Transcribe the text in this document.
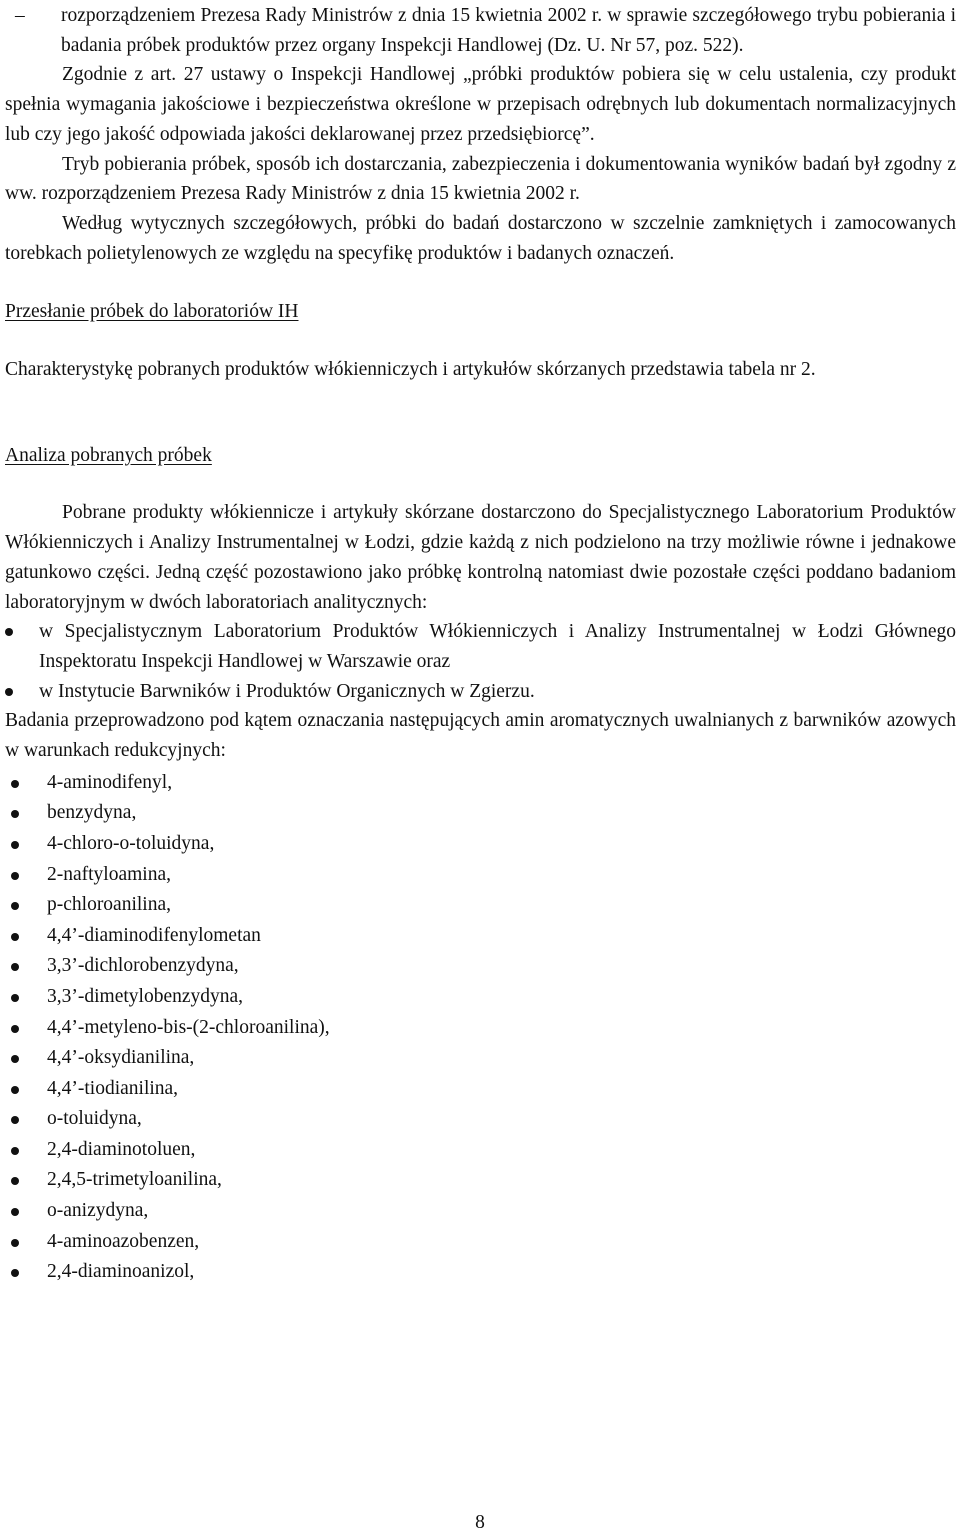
–	rozporządzeniem Prezesa Rady Ministrów z dnia 15 kwietnia 2002 r. w sprawie szczegółowego trybu pobierania i badania próbek produktów przez organy Inspekcji Handlowej (Dz. U. Nr 57, poz. 522).

Zgodnie z art. 27 ustawy o Inspekcji Handlowej „próbki produktów pobiera się w celu ustalenia, czy produkt spełnia wymagania jakościowe i bezpieczeństwa określone w przepisach odrębnych lub dokumentach normalizacyjnych lub czy jego jakość odpowiada jakości deklarowanej przez przedsiębiorcę”.

Tryb pobierania próbek, sposób ich dostarczania, zabezpieczenia i dokumentowania wyników badań był zgodny z ww. rozporządzeniem Prezesa Rady Ministrów z dnia 15 kwietnia 2002 r.

Według wytycznych szczegółowych, próbki do badań dostarczono w szczelnie zamkniętych i zamocowanych torebkach polietylenowych ze względu na specyfikę produktów i badanych oznaczeń.

Przesłanie próbek do laboratoriów IH

Charakterystykę pobranych produktów włókienniczych i artykułów skórzanych przedstawia tabela nr 2.

Analiza pobranych próbek

Pobrane produkty włókiennicze i artykuły skórzane dostarczono do Specjalistycznego Laboratorium Produktów Włókienniczych i Analizy Instrumentalnej w Łodzi, gdzie każdą z nich podzielono na trzy możliwie równe i jednakowe gatunkowo części. Jedną część pozostawiono jako próbkę kontrolną natomiast dwie pozostałe części poddano badaniom laboratoryjnym w dwóch laboratoriach analitycznych:

w Specjalistycznym Laboratorium Produktów Włókienniczych i Analizy Instrumentalnej w Łodzi Głównego Inspektoratu Inspekcji Handlowej w Warszawie oraz
w Instytucie Barwników i Produktów Organicznych w Zgierzu.

Badania przeprowadzono pod kątem oznaczania następujących amin aromatycznych uwalnianych z barwników azowych w warunkach redukcyjnych:

4-aminodifenyl,
benzydyna,
4-chloro-o-toluidyna,
2-naftyloamina,
p-chloroanilina,
4,4’-diaminodifenylometan
3,3’-dichlorobenzydyna,
3,3’-dimetylobenzydyna,
4,4’-metyleno-bis-(2-chloroanilina),
4,4’-oksydianilina,
4,4’-tiodianilina,
o-toluidyna,
2,4-diaminotoluen,
2,4,5-trimetyloanilina,
o-anizydyna,
4-aminoazobenzen,
2,4-diaminoanizol,
8
